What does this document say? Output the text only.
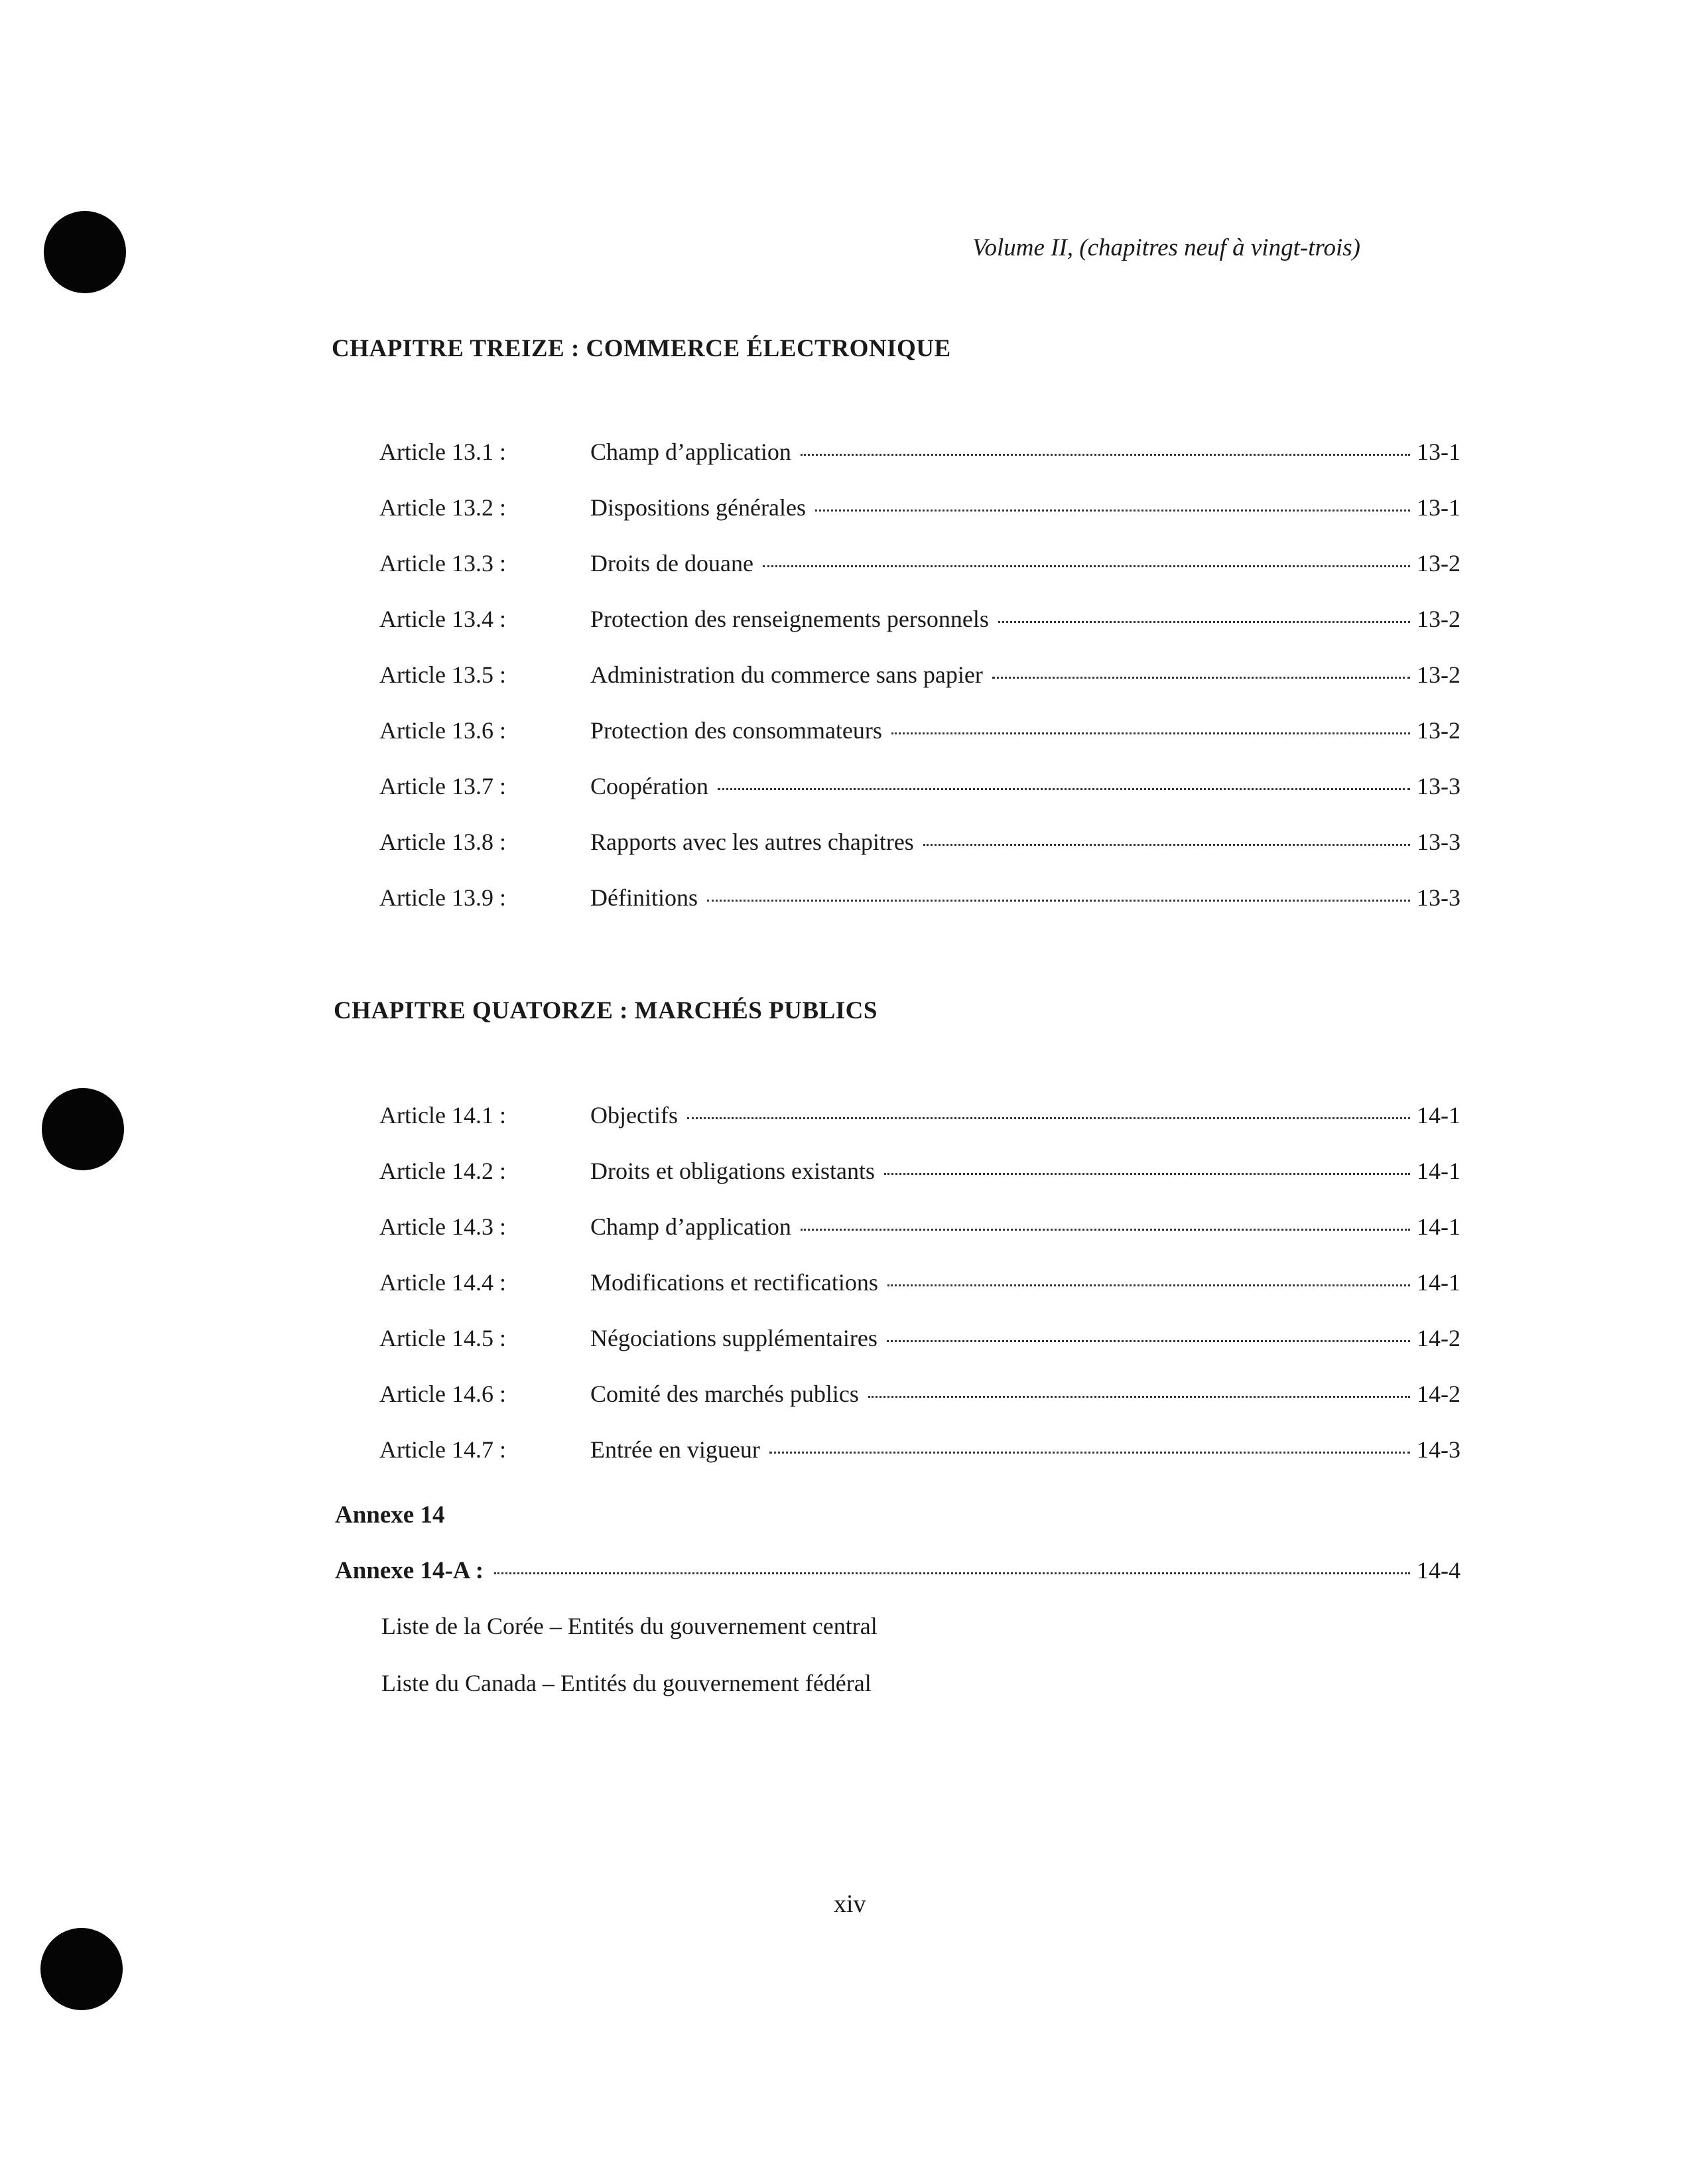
Volume II, (chapitres neuf à vingt-trois)
CHAPITRE TREIZE : COMMERCE ÉLECTRONIQUE
Article 13.1 :	Champ d’application	13-1
Article 13.2 :	Dispositions générales	13-1
Article 13.3 :	Droits de douane	13-2
Article 13.4 :	Protection des renseignements personnels	13-2
Article 13.5 :	Administration du commerce sans papier	13-2
Article 13.6 :	Protection des consommateurs	13-2
Article 13.7 :	Coopération	13-3
Article 13.8 :	Rapports avec les autres chapitres	13-3
Article 13.9 :	Définitions	13-3
CHAPITRE QUATORZE : MARCHÉS PUBLICS
Article 14.1 :	Objectifs	14-1
Article 14.2 :	Droits et obligations existants	14-1
Article 14.3 :	Champ d’application	14-1
Article 14.4 :	Modifications et rectifications	14-1
Article 14.5 :	Négociations supplémentaires	14-2
Article 14.6 :	Comité des marchés publics	14-2
Article 14.7 :	Entrée en vigueur	14-3
Annexe 14
Annexe 14-A :	14-4
Liste de la Corée – Entités du gouvernement central
Liste du Canada – Entités du gouvernement fédéral
xiv
